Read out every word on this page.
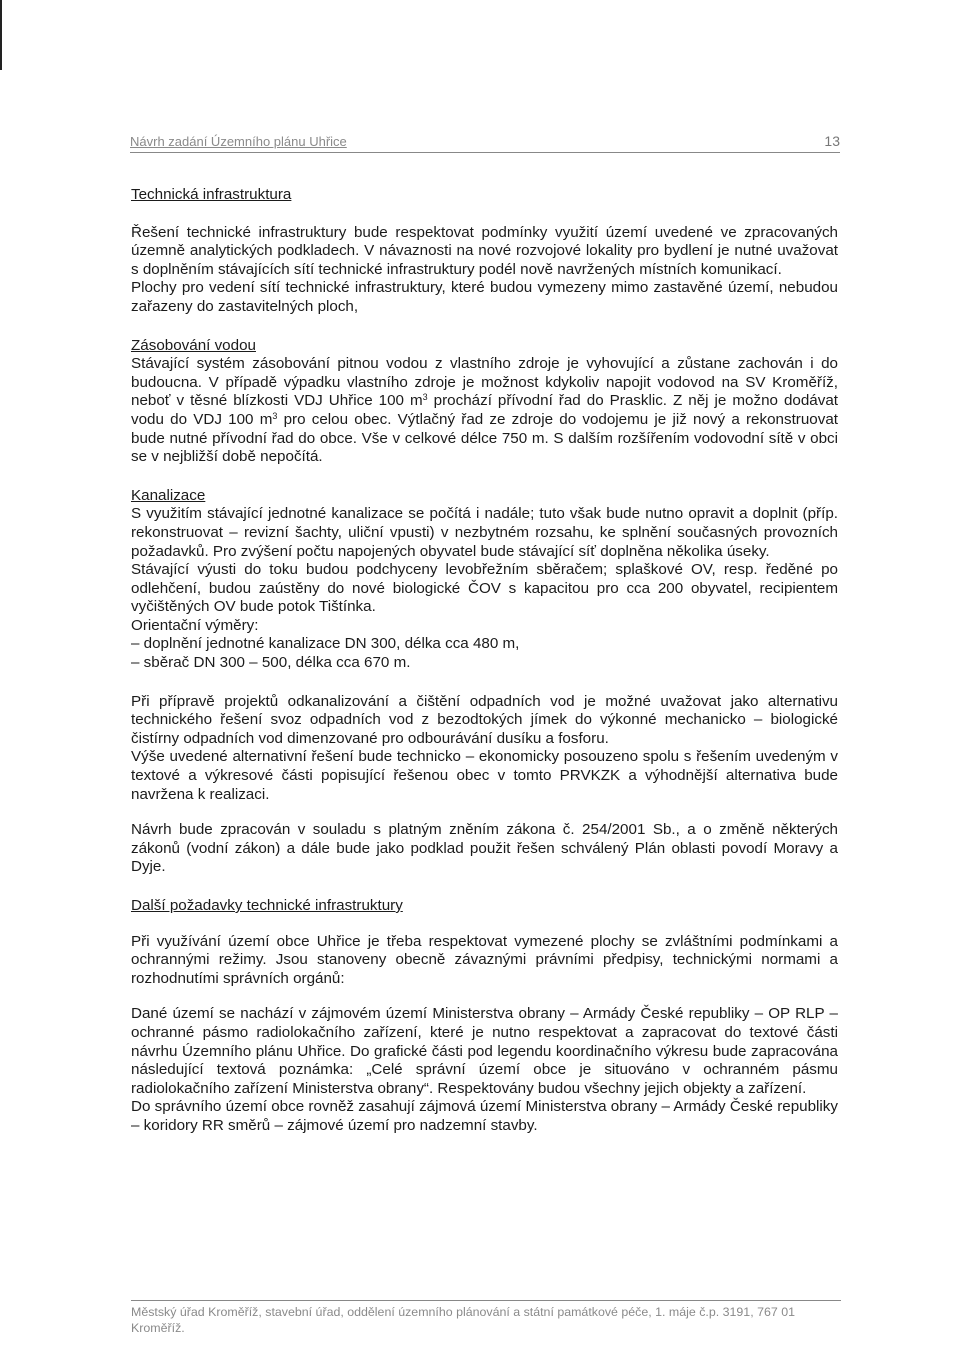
Návrh zadání Územního plánu Uhřice	13

Technická infrastruktura

Řešení technické infrastruktury bude respektovat podmínky využití území uvedené ve zpracovaných územně analytických podkladech. V návaznosti na nové rozvojové lokality pro bydlení je nutné uvažovat s doplněním stávajících sítí technické infrastruktury podél nově navržených místních komunikací.

Plochy pro vedení sítí technické infrastruktury, které budou vymezeny mimo zastavěné území, nebudou zařazeny do zastavitelných ploch,

Zásobování vodou

Stávající systém zásobování pitnou vodou z vlastního zdroje je vyhovující a zůstane zachován i do budoucna. V případě výpadku vlastního zdroje je možnost kdykoliv napojit vodovod na SV Kroměříž, neboť v těsné blízkosti VDJ Uhřice 100 $m^3$ prochází přívodní řad do Prasklic. Z něj je možno dodávat vodu do VDJ 100 $m^3$ pro celou obec. Výtlačný řad ze zdroje do vodojemu je již nový a rekonstruovat bude nutné přívodní řad do obce. Vše v celkové délce 750 m. S dalším rozšířením vodovodní sítě v obci se v nejbližší době nepočítá.

Kanalizace

S využitím stávající jednotné kanalizace se počítá i nadále; tuto však bude nutno opravit a doplnit (příp. rekonstruovat – revizní šachty, uliční vpusti) v nezbytném rozsahu, ke splnění současných provozních požadavků. Pro zvýšení počtu napojených obyvatel bude stávající síť doplněna několika úseky.

Stávající výusti do toku budou podchyceny levobřežním sběračem; splaškové OV, resp. ředěné po odlehčení, budou zaústěny do nové biologické ČOV s kapacitou pro cca 200 obyvatel, recipientem vyčištěných OV bude potok Tištínka.

Orientační výměry:

– doplnění jednotné kanalizace DN 300, délka cca 480 m,

– sběrač DN 300 – 500, délka cca 670 m.

Při přípravě projektů odkanalizování a čištění odpadních vod je možné uvažovat jako alternativu technického řešení svoz odpadních vod z bezodtokých jímek do výkonné mechanicko – biologické čistírny odpadních vod dimenzované pro odbourávání dusíku a fosforu.

Výše uvedené alternativní řešení bude technicko – ekonomicky posouzeno spolu s řešením uvedeným v textové a výkresové části popisující řešenou obec v tomto PRVKZK a výhodnější alternativa bude navržena k realizaci.

Návrh bude zpracován v souladu s platným zněním zákona č. 254/2001 Sb., a o změně některých zákonů (vodní zákon) a dále bude jako podklad použit řešen schválený Plán oblasti povodí Moravy a Dyje.

Další požadavky technické infrastruktury

Při využívání území obce Uhřice je třeba respektovat vymezené plochy se zvláštními podmínkami a ochrannými režimy. Jsou stanoveny obecně závaznými právními předpisy, technickými normami a rozhodnutími správních orgánů:

Dané území se nachází v zájmovém území Ministerstva obrany – Armády České republiky – OP RLP – ochranné pásmo radiolokačního zařízení, které je nutno respektovat a zapracovat do textové části návrhu Územního plánu Uhřice. Do grafické části pod legendu koordinačního výkresu bude zapracována následující textová poznámka: „Celé správní území obce je situováno v ochranném pásmu radiolokačního zařízení Ministerstva obrany“. Respektovány budou všechny jejich objekty a zařízení.

Do správního území obce rovněž zasahují zájmová území Ministerstva obrany – Armády České republiky – koridory RR směrů – zájmové území pro nadzemní stavby.

Městský úřad Kroměříž, stavební úřad, oddělení územního plánování a státní památkové péče, 1. máje č.p. 3191, 767 01 Kroměříž.
